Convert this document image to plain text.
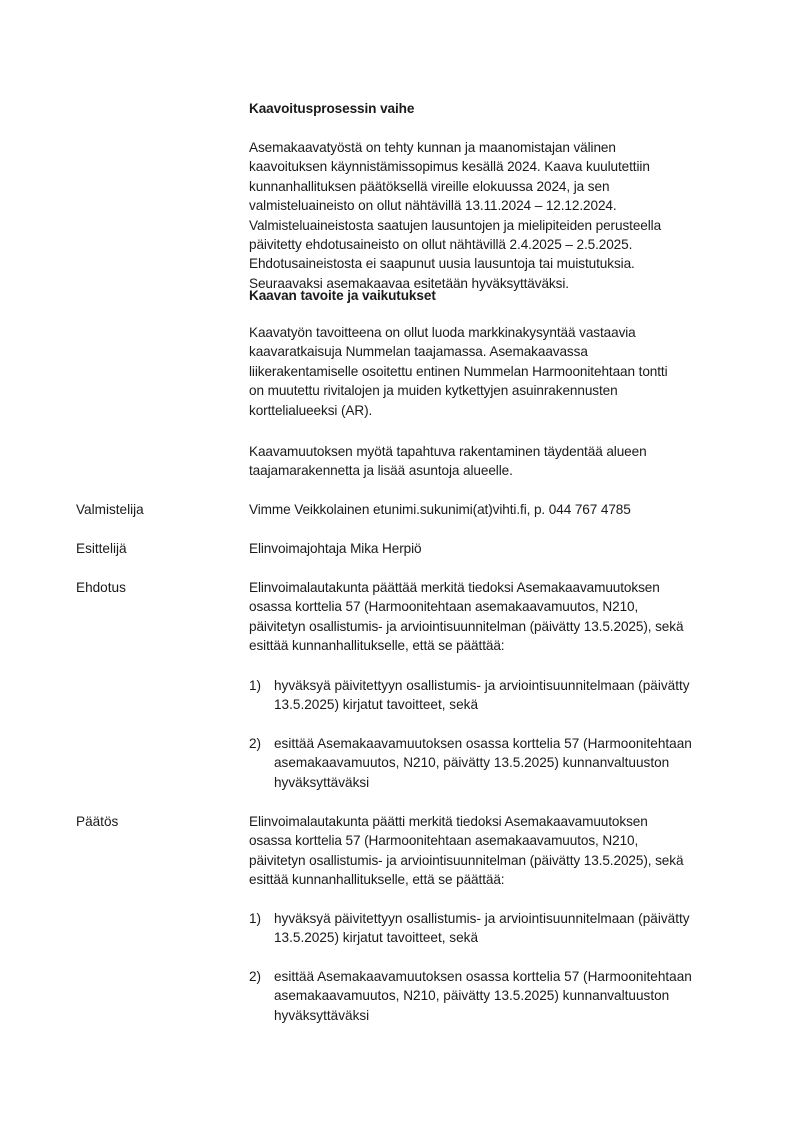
Kaavoitusprosessin vaihe
Asemakaavatyöstä on tehty kunnan ja maanomistajan välinen
kaavoituksen käynnistämissopimus kesällä 2024. Kaava kuulutettiin
kunnanhallituksen päätöksellä vireille elokuussa 2024, ja sen
valmisteluaineisto on ollut nähtävillä 13.11.2024 – 12.12.2024.
Valmisteluaineistosta saatujen lausuntojen ja mielipiteiden perusteella
päivitetty ehdotusaineisto on ollut nähtävillä 2.4.2025 – 2.5.2025.
Ehdotusaineistosta ei saapunut uusia lausuntoja tai muistutuksia.
Seuraavaksi asemakaavaa esitetään hyväksyttäväksi.
Kaavan tavoite ja vaikutukset
Kaavatyön tavoitteena on ollut luoda markkinakysyntää vastaavia
kaavaratkaisuja Nummelan taajamassa. Asemakaavassa
liikerakentamiselle osoitettu entinen Nummelan Harmoonitehtaan tontti
on muutettu rivitalojen ja muiden kytkettyjen asuinrakennusten
korttelialueeksi (AR).
Kaavamuutoksen myötä tapahtuva rakentaminen täydentää alueen
taajamarakennetta ja lisää asuntoja alueelle.
Valmistelija	Vimme Veikkolainen etunimi.sukunimi(at)vihti.fi, p. 044 767 4785
Esittelijä	Elinvoimajohtaja Mika Herpiö
Ehdotus	Elinvoimalautakunta päättää merkitä tiedoksi Asemakaavamuutoksen
osassa korttelia 57 (Harmoonitehtaan asemakaavamuutos, N210,
päivitetyn osallistumis- ja arviointisuunnitelman (päivätty 13.5.2025), sekä
esittää kunnanhallitukselle, että se päättää:
1) hyväksyä päivitettyyn osallistumis- ja arviointisuunnitelmaan (päivätty
13.5.2025) kirjatut tavoitteet, sekä
2) esittää Asemakaavamuutoksen osassa korttelia 57 (Harmoonitehtaan
asemakaavamuutos, N210, päivätty 13.5.2025) kunnanvaltuuston
hyväksyttäväksi
Päätös	Elinvoimalautakunta päätti merkitä tiedoksi Asemakaavamuutoksen
osassa korttelia 57 (Harmoonitehtaan asemakaavamuutos, N210,
päivitetyn osallistumis- ja arviointisuunnitelman (päivätty 13.5.2025), sekä
esittää kunnanhallitukselle, että se päättää:
1) hyväksyä päivitettyyn osallistumis- ja arviointisuunnitelmaan (päivätty
13.5.2025) kirjatut tavoitteet, sekä
2) esittää Asemakaavamuutoksen osassa korttelia 57 (Harmoonitehtaan
asemakaavamuutos, N210, päivätty 13.5.2025) kunnanvaltuuston
hyväksyttäväksi
